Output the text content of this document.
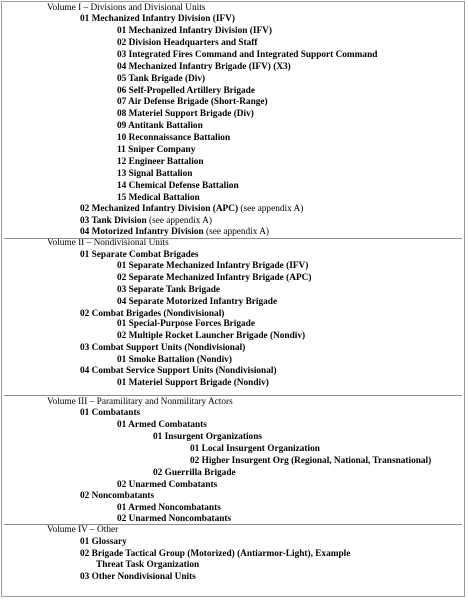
Volume I – Divisions and Divisional Units
01 Mechanized Infantry Division (IFV)
01 Mechanized Infantry Division (IFV)
02 Division Headquarters and Staff
03 Integrated Fires Command and Integrated Support Command
04 Mechanized Infantry Brigade (IFV) (X3)
05 Tank Brigade (Div)
06 Self-Propelled Artillery Brigade
07 Air Defense Brigade (Short-Range)
08 Materiel Support Brigade (Div)
09 Antitank Battalion
10 Reconnaissance Battalion
11 Sniper Company
12 Engineer Battalion
13 Signal Battalion
14 Chemical Defense Battalion
15 Medical Battalion
02 Mechanized Infantry Division (APC) (see appendix A)
03 Tank Division (see appendix A)
04 Motorized Infantry Division (see appendix A)
Volume II – Nondivisional Units
01 Separate Combat Brigades
01 Separate Mechanized Infantry Brigade (IFV)
02 Separate Mechanized Infantry Brigade (APC)
03 Separate Tank Brigade
04 Separate Motorized Infantry Brigade
02 Combat Brigades (Nondivisional)
01 Special-Purpose Forces Brigade
02 Multiple Rocket Launcher Brigade (Nondiv)
03 Combat Support Units (Nondivisional)
01 Smoke Battalion (Nondiv)
04 Combat Service Support Units (Nondivisional)
01 Materiel Support Brigade (Nondiv)
Volume III – Paramilitary and Nonmilitary Actors
01 Combatants
01 Armed Combatants
01 Insurgent Organizations
01 Local Insurgent Organization
02 Higher Insurgent Org (Regional, National, Transnational)
02 Guerrilla Brigade
02 Unarmed Combatants
02 Noncombatants
01 Armed Noncombatants
02 Unarmed Noncombatants
Volume IV – Other
01 Glossary
02 Brigade Tactical Group (Motorized) (Antiarmor-Light), Example
Threat Task Organization
03 Other Nondivisional Units
